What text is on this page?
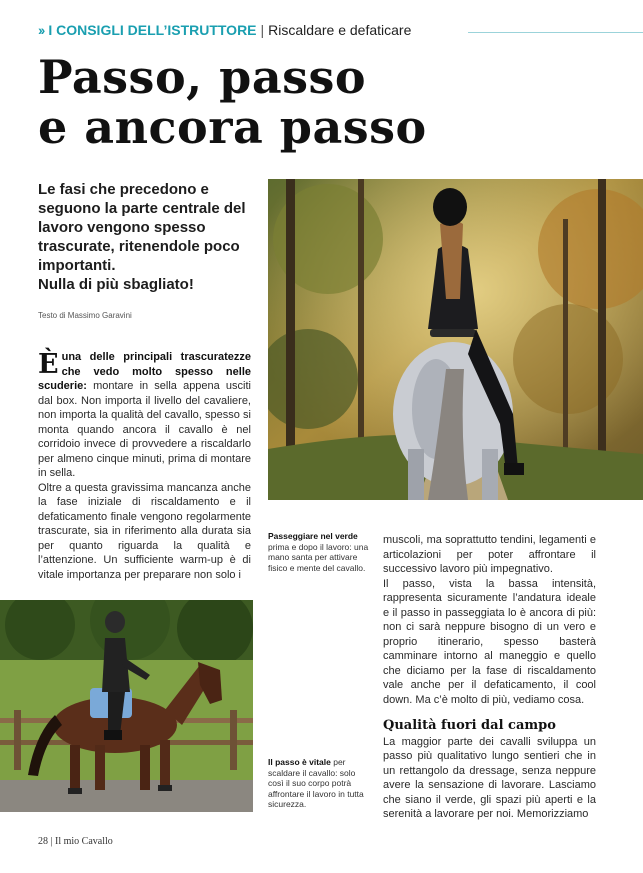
›› I CONSIGLI DELL’ISTRUTTORE | Riscaldare e defaticare
Passo, passo
e ancora passo

Le fasi che precedono e seguono la parte centrale del lavoro vengono spesso trascurate, ritenendole poco importanti.

Nulla di più sbagliato!

Testo di Massimo Garavini
Passeggiare nel verde
prima e dopo il lavoro: una mano santa per attivare fisico e mente del cavallo.

Èuna delle principali trascuratezze che vedo molto spesso nelle scuderie: montare in sella appena usciti dal box. Non importa il livello del cavaliere, non importa la qualità del cavallo, spesso si monta quando ancora il cavallo è nel corridoio invece di provvedere a riscaldarlo per almeno cinque minuti, prima di montare in sella.

Oltre a questa gravissima mancanza anche la fase iniziale di riscaldamento e il defaticamento finale vengono regolarmente trascurate, sia in riferimento alla durata sia per quanto riguarda la qualità e l’attenzione. Un sufficiente warm-up è di vitale importanza per preparare non solo i

Il passo è vitale per scaldare il cavallo: solo così il suo corpo potrà affrontare il lavoro in tutta sicurezza.

muscoli, ma soprattutto tendini, legamenti e articolazioni per poter affrontare il successivo lavoro più impegnativo.

Il passo, vista la bassa intensità, rappresenta sicuramente l’andatura ideale e il passo in passeggiata lo è ancora di più: non ci sarà neppure bisogno di un vero e proprio itinerario, spesso basterà camminare intorno al maneggio e quello che diciamo per la fase di riscaldamento vale anche per il defaticamento, il cool down. Ma c’è molto di più, vediamo cosa.

Qualità fuori dal campo

La maggior parte dei cavalli sviluppa un passo più qualitativo lungo sentieri che in un rettangolo da dressage, senza neppure avere la sensazione di lavorare. Lasciamo che siano il verde, gli spazi più aperti e la serenità a lavorare per noi. Memorizziamo

28 | Il mio Cavallo
